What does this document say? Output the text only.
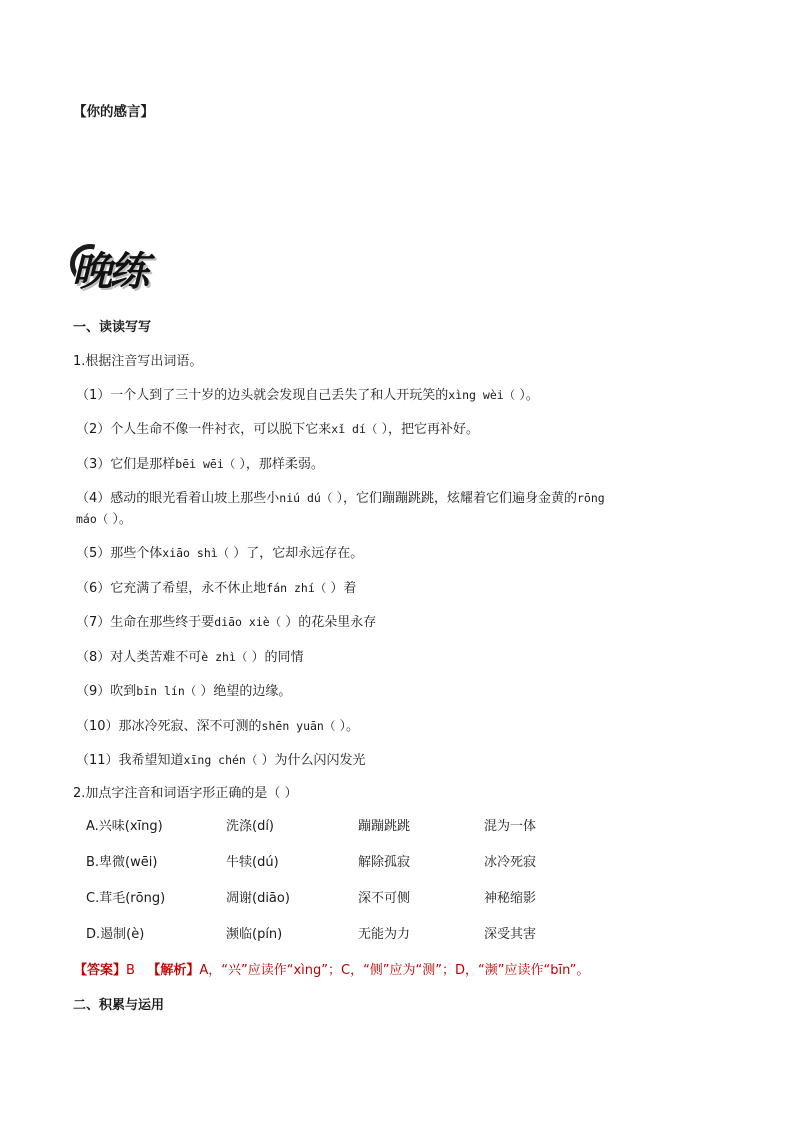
【你的感言】
晚练
一、读读写写
1.根据注音写出词语。
（1）一个人到了三十岁的边头就会发现自己丢失了和人开玩笑的xìng wèi（ ）。
（2）个人生命不像一件衬衣，可以脱下它来xǐ dí（ ），把它再补好。
（3）它们是那样bēi wēi（ ），那样柔弱。
（4）感动的眼光看着山坡上那些小niú dú（ ），它们蹦蹦跳跳，炫耀着它们遍身金黄的rōng
máo（ ）。
（5）那些个体xiāo shì（ ）了，它却永远存在。
（6）它充满了希望，永不休止地fán zhí（ ）着
（7）生命在那些终于要diāo xiè（ ）的花朵里永存
（8）对人类苦难不可è zhì（ ）的同情
（9）吹到bīn lín（ ）绝望的边缘。
（10）那冰冷死寂、深不可测的shēn yuān（ ）。
（11）我希望知道xīng chén（ ）为什么闪闪发光
2.加点字注音和词语字形正确的是（ ）
A.兴味(xīng)	洗涤(dí)	蹦蹦跳跳	混为一体
B.卑微(wēi)	牛犊(dú)	解除孤寂	冰冷死寂
C.茸毛(rōng)	凋谢(diāo)	深不可侧	神秘缩影
D.遏制(è)	濒临(pín)	无能为力	深受其害
【答案】B 【解析】A，“兴”应读作“xìng”；C，“侧”应为“测”；D，“濒”应读作“bīn”。
二、积累与运用
